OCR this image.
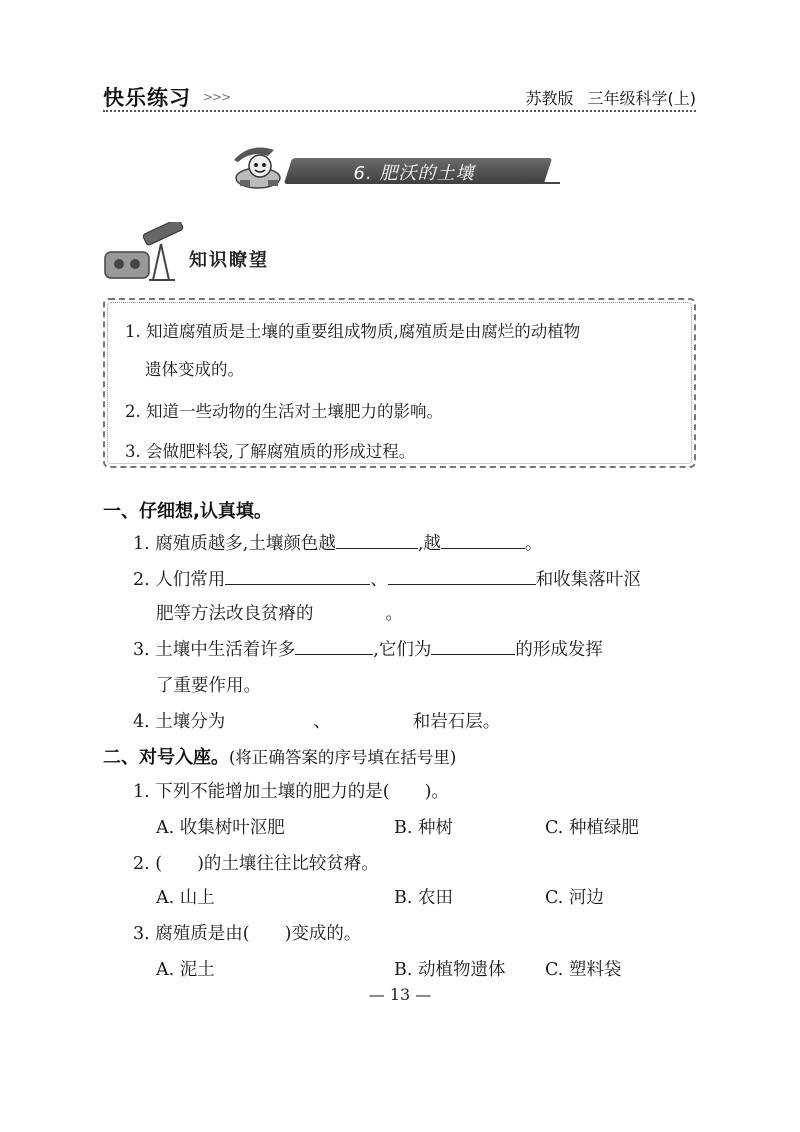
快乐练习 >>>	苏教版 三年级科学(上)
6. 肥沃的土壤
知识瞭望
1. 知道腐殖质是土壤的重要组成物质,腐殖质是由腐烂的动植物
遗体变成的。
2. 知道一些动物的生活对土壤肥力的影响。
3. 会做肥料袋,了解腐殖质的形成过程。
一、仔细想,认真填。
1. 腐殖质越多,土壤颜色越	,越	。
2. 人们常用	、	和收集落叶沤
肥等方法改良贫瘠的	。
3. 土壤中生活着许多	,它们为	的形成发挥
了重要作用。
4. 土壤分为	、	和岩石层。
二、对号入座。(将正确答案的序号填在括号里)
1. 下列不能增加土壤的肥力的是(　　)。
A. 收集树叶沤肥	B. 种树	C. 种植绿肥
2. (　　)的土壤往往比较贫瘠。
A. 山上	B. 农田	C. 河边
3. 腐殖质是由(　　)变成的。
A. 泥土	B. 动植物遗体 C. 塑料袋
— 13 —
